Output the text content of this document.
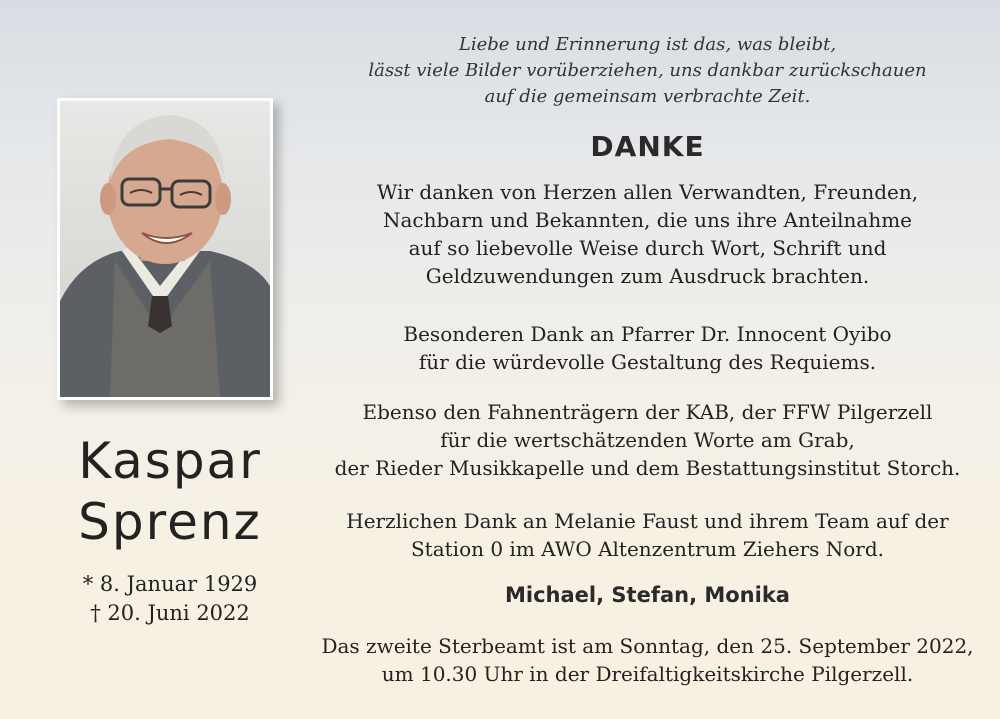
Kaspar
Sprenz
* 8. Januar 1929
† 20. Juni 2022
Liebe und Erinnerung ist das, was bleibt,
lässt viele Bilder vorüberziehen, uns dankbar zurückschauen
auf die gemeinsam verbrachte Zeit.
DANKE
Wir danken von Herzen allen Verwandten, Freunden,
Nachbarn und Bekannten, die uns ihre Anteilnahme
auf so liebevolle Weise durch Wort, Schrift und
Geldzuwendungen zum Ausdruck brachten.
Besonderen Dank an Pfarrer Dr. Innocent Oyibo
für die würdevolle Gestaltung des Requiems.
Ebenso den Fahnenträgern der KAB, der FFW Pilgerzell
für die wertschätzenden Worte am Grab,
der Rieder Musikkapelle und dem Bestattungsinstitut Storch.
Herzlichen Dank an Melanie Faust und ihrem Team auf der
Station 0 im AWO Altenzentrum Ziehers Nord.
Michael, Stefan, Monika
Das zweite Sterbeamt ist am Sonntag, den 25. September 2022,
um 10.30 Uhr in der Dreifaltigkeitskirche Pilgerzell.
